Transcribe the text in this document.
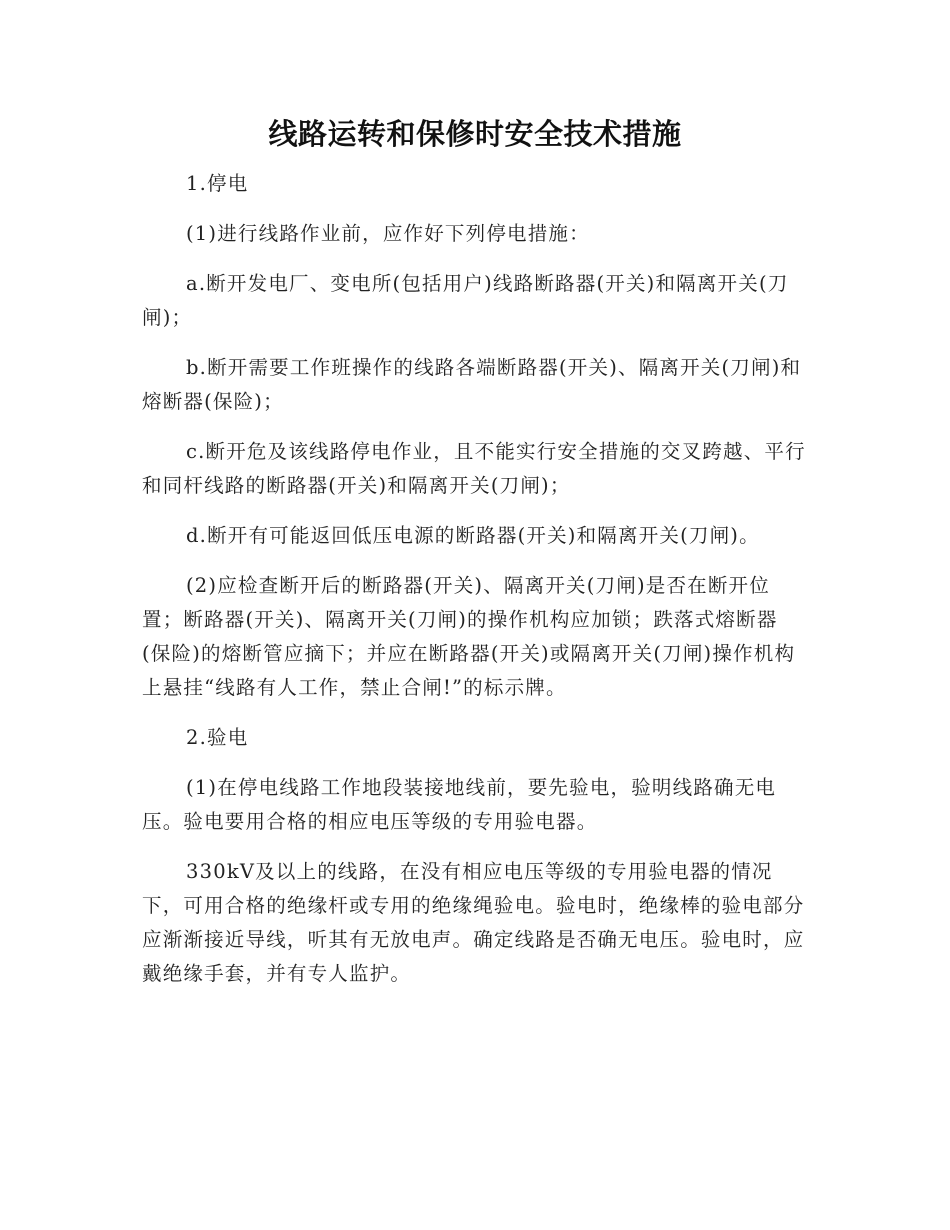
线路运转和保修时安全技术措施

1.停电

(1)进行线路作业前，应作好下列停电措施：

a.断开发电厂、变电所(包括用户)线路断路器(开关)和隔离开关(刀闸)；

b.断开需要工作班操作的线路各端断路器(开关)、隔离开关(刀闸)和熔断器(保险)；

c.断开危及该线路停电作业，且不能实行安全措施的交叉跨越、平行和同杆线路的断路器(开关)和隔离开关(刀闸)；

d.断开有可能返回低压电源的断路器(开关)和隔离开关(刀闸)。

(2)应检查断开后的断路器(开关)、隔离开关(刀闸)是否在断开位置；断路器(开关)、隔离开关(刀闸)的操作机构应加锁；跌落式熔断器(保险)的熔断管应摘下；并应在断路器(开关)或隔离开关(刀闸)操作机构上悬挂“线路有人工作，禁止合闸!”的标示牌。

2.验电

(1)在停电线路工作地段装接地线前，要先验电，验明线路确无电压。验电要用合格的相应电压等级的专用验电器。

330kV及以上的线路，在没有相应电压等级的专用验电器的情况下，可用合格的绝缘杆或专用的绝缘绳验电。验电时，绝缘棒的验电部分应渐渐接近导线，听其有无放电声。确定线路是否确无电压。验电时，应戴绝缘手套，并有专人监护。
